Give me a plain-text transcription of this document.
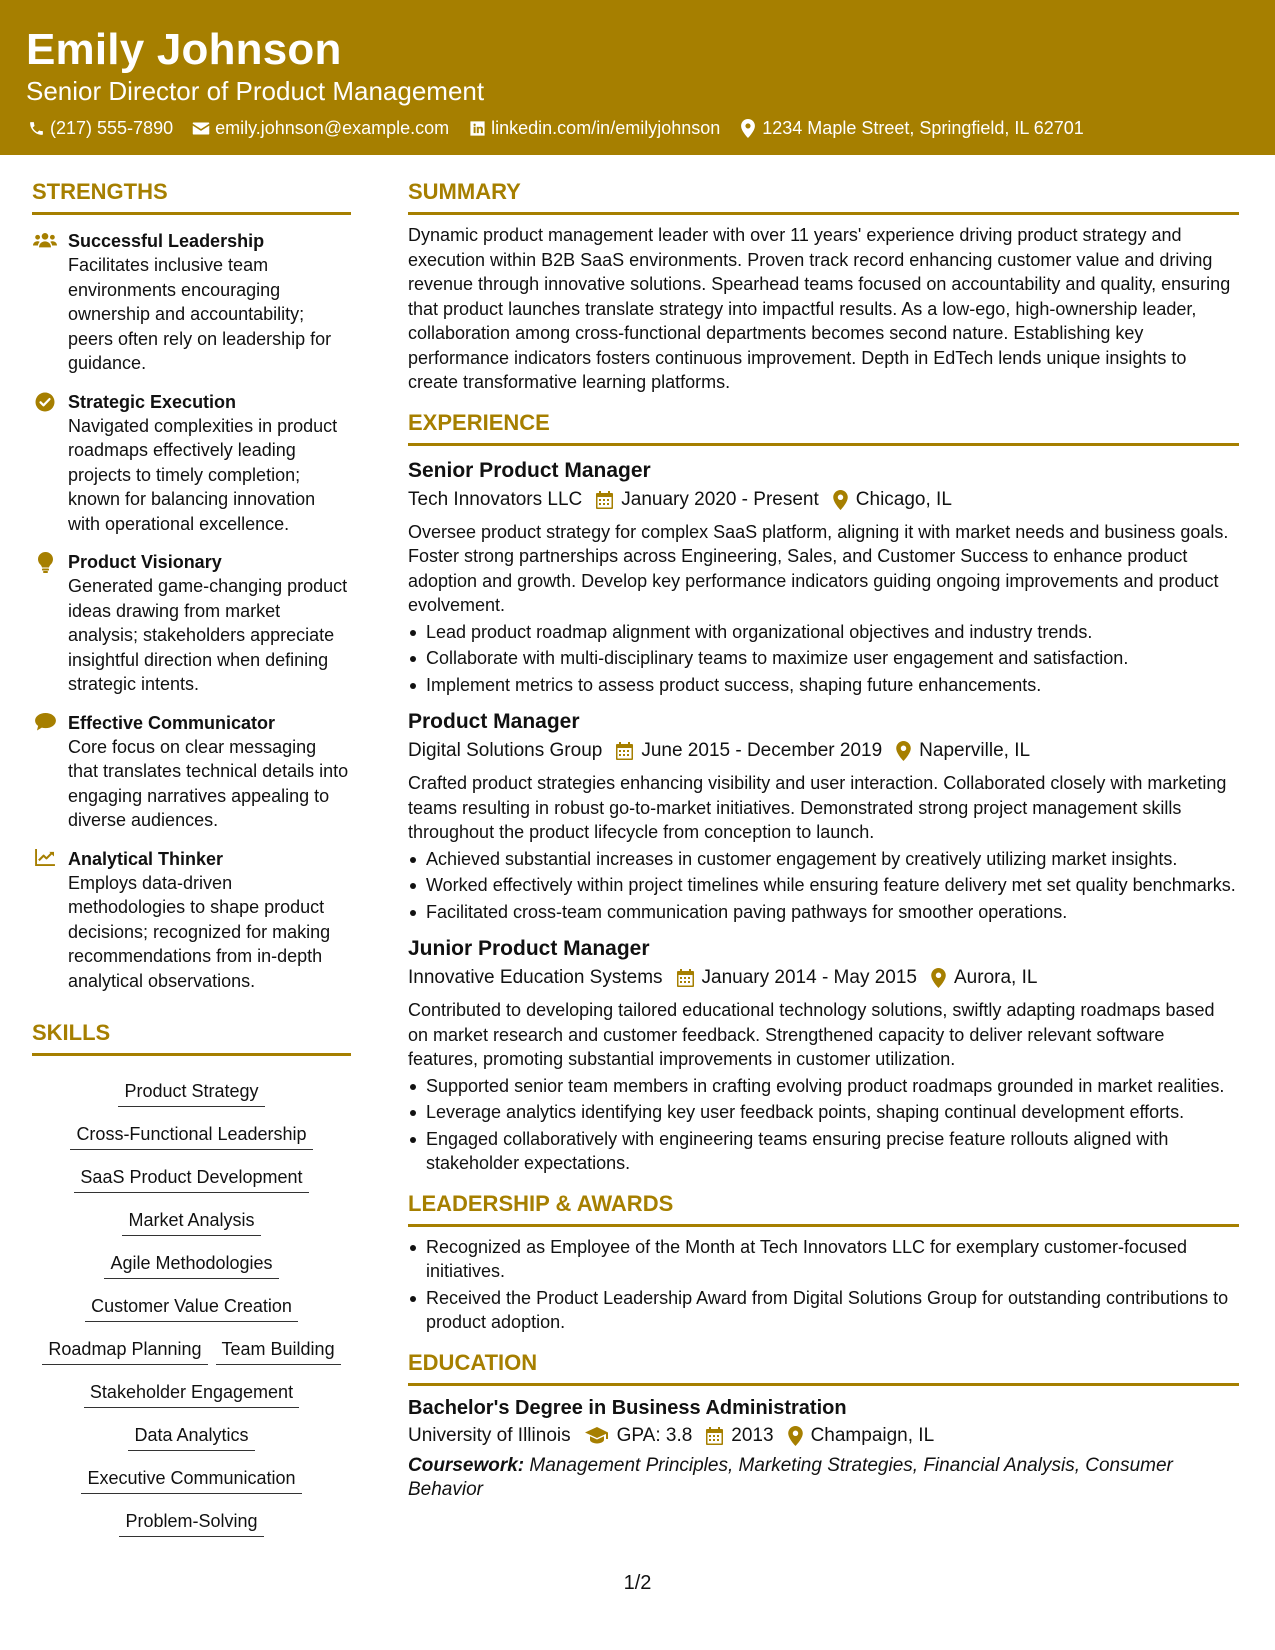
Emily Johnson
Senior Director of Product Management
(217) 555-7890 emily.johnson@example.com linkedin.com/in/emilyjohnson 1234 Maple Street, Springfield, IL 62701
STRENGTHS
Successful Leadership
Facilitates inclusive team environments encouraging ownership and accountability; peers often rely on leadership for guidance.
Strategic Execution
Navigated complexities in product roadmaps effectively leading projects to timely completion; known for balancing innovation with operational excellence.
Product Visionary
Generated game-changing product ideas drawing from market analysis; stakeholders appreciate insightful direction when defining strategic intents.
Effective Communicator
Core focus on clear messaging that translates technical details into engaging narratives appealing to diverse audiences.
Analytical Thinker
Employs data-driven methodologies to shape product decisions; recognized for making recommendations from in-depth analytical observations.
SKILLS
Product Strategy
Cross-Functional Leadership
SaaS Product Development
Market Analysis
Agile Methodologies
Customer Value Creation
Roadmap Planning	Team Building
Stakeholder Engagement
Data Analytics
Executive Communication
Problem-Solving
SUMMARY
Dynamic product management leader with over 11 years' experience driving product strategy and execution within B2B SaaS environments. Proven track record enhancing customer value and driving revenue through innovative solutions. Spearhead teams focused on accountability and quality, ensuring that product launches translate strategy into impactful results. As a low-ego, high-ownership leader, collaboration among cross-functional departments becomes second nature. Establishing key performance indicators fosters continuous improvement. Depth in EdTech lends unique insights to create transformative learning platforms.
EXPERIENCE
Senior Product Manager
Tech Innovators LLC January 2020 - Present Chicago, IL
Oversee product strategy for complex SaaS platform, aligning it with market needs and business goals. Foster strong partnerships across Engineering, Sales, and Customer Success to enhance product adoption and growth. Develop key performance indicators guiding ongoing improvements and product evolvement.
Lead product roadmap alignment with organizational objectives and industry trends.
Collaborate with multi-disciplinary teams to maximize user engagement and satisfaction.
Implement metrics to assess product success, shaping future enhancements.
Product Manager
Digital Solutions Group June 2015 - December 2019 Naperville, IL
Crafted product strategies enhancing visibility and user interaction. Collaborated closely with marketing teams resulting in robust go-to-market initiatives. Demonstrated strong project management skills throughout the product lifecycle from conception to launch.
Achieved substantial increases in customer engagement by creatively utilizing market insights.
Worked effectively within project timelines while ensuring feature delivery met set quality benchmarks.
Facilitated cross-team communication paving pathways for smoother operations.
Junior Product Manager
Innovative Education Systems January 2014 - May 2015 Aurora, IL
Contributed to developing tailored educational technology solutions, swiftly adapting roadmaps based on market research and customer feedback. Strengthened capacity to deliver relevant software features, promoting substantial improvements in customer utilization.
Supported senior team members in crafting evolving product roadmaps grounded in market realities.
Leverage analytics identifying key user feedback points, shaping continual development efforts.
Engaged collaboratively with engineering teams ensuring precise feature rollouts aligned with stakeholder expectations.
LEADERSHIP & AWARDS
Recognized as Employee of the Month at Tech Innovators LLC for exemplary customer-focused initiatives.
Received the Product Leadership Award from Digital Solutions Group for outstanding contributions to product adoption.
EDUCATION
Bachelor's Degree in Business Administration
University of Illinois GPA: 3.8 2013 Champaign, IL
Coursework: Management Principles, Marketing Strategies, Financial Analysis, Consumer Behavior
1/2
